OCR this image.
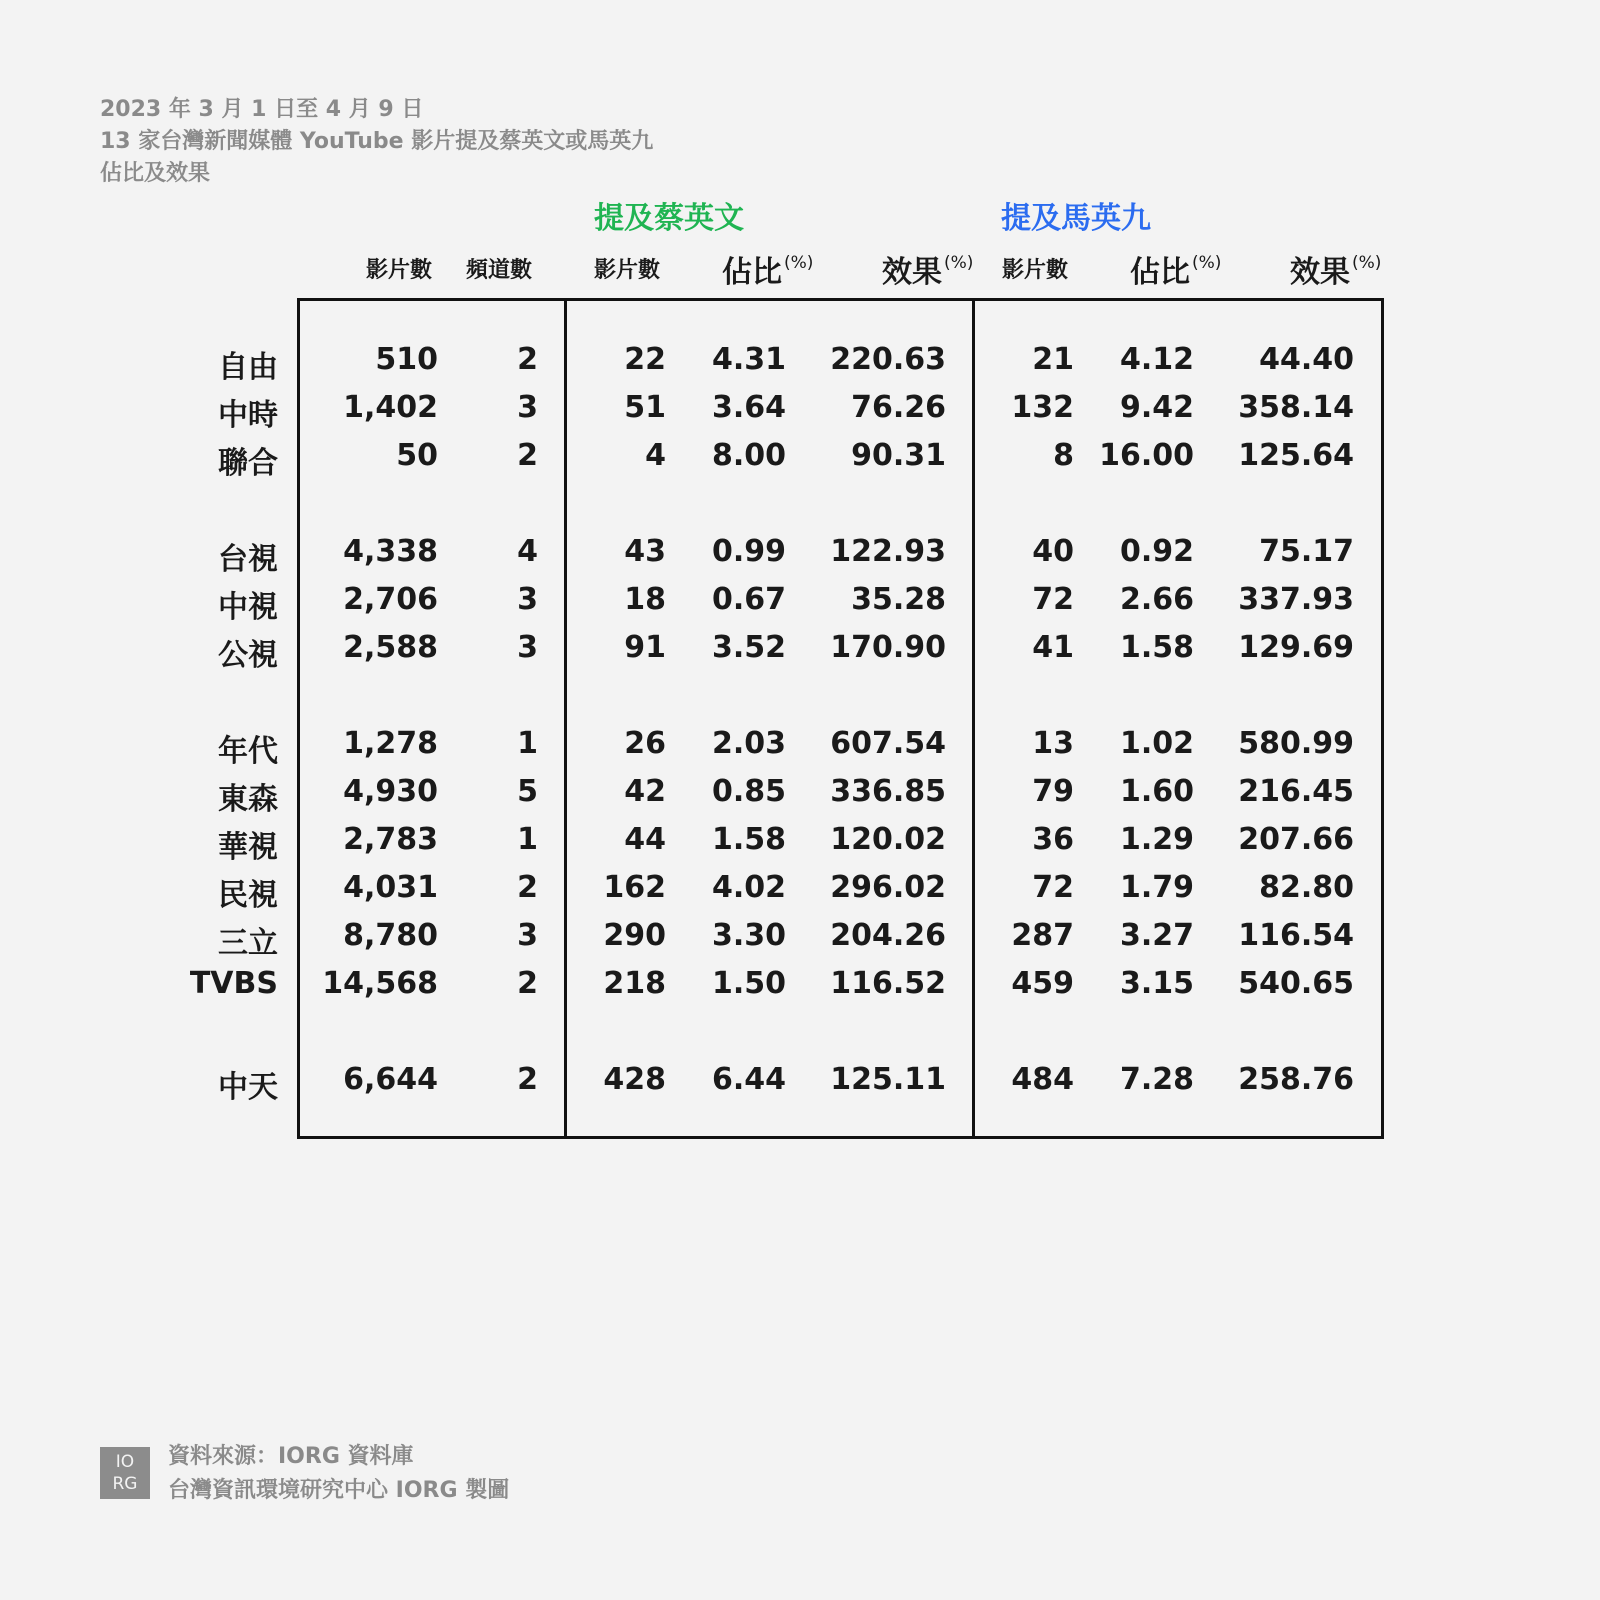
2023 年 3 月 1 日至 4 月 9 日
13 家台灣新聞媒體 YouTube 影片提及蔡英文或馬英九
佔比及效果
提及蔡英文	提及馬英九
影片數 頻道數	影片數 佔比 (%) 效果 (%) 影片數 佔比 (%) 效果 (%)
自由	510	2	22	4.31	220.63	21	4.12	44.40
中時	1,402	3	51	3.64	76.26	132	9.42	358.14
聯合	50	2	4	8.00	90.31	8 16.00	125.64
台視	4,338	4	43	0.99	122.93	40	0.92	75.17
中視	2,706	3	18	0.67	35.28	72	2.66	337.93
公視	2,588	3	91	3.52	170.90	41	1.58	129.69
年代	1,278	1	26	2.03	607.54	13	1.02	580.99
東森	4,930	5	42	0.85	336.85	79	1.60	216.45
華視	2,783	1	44	1.58	120.02	36	1.29	207.66
民視	4,031	2	162	4.02	296.02	72	1.79	82.80
三立	8,780	3	290	3.30	204.26	287	3.27	116.54
TVBS	14,568	2	218	1.50	116.52	459	3.15	540.65
中天	6,644	2	428	6.44	125.11	484	7.28	258.76
IO
RG
資料來源：IORG 資料庫
台灣資訊環境研究中心 IORG 製圖
